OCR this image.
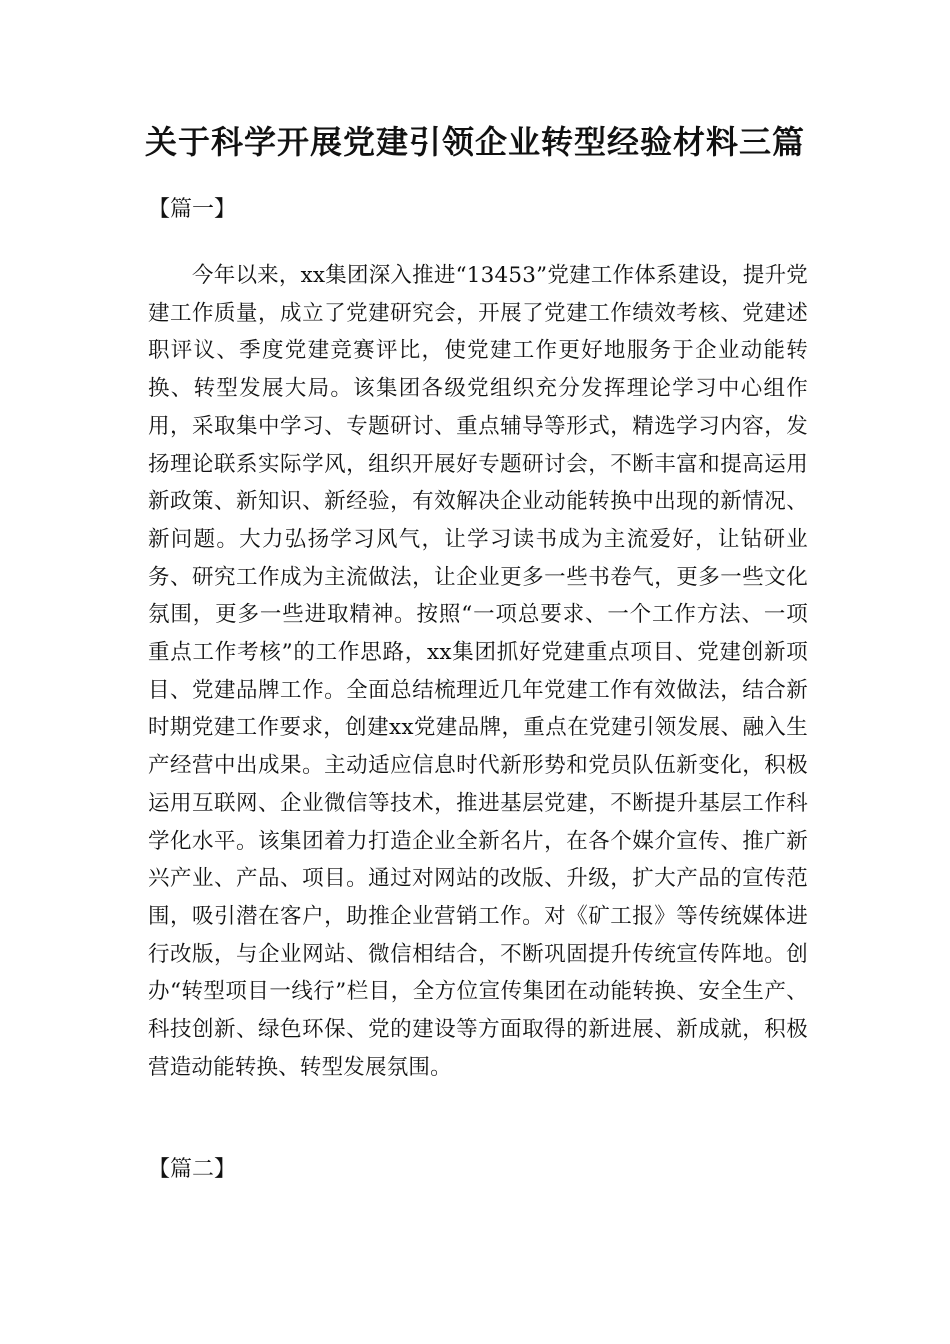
关于科学开展党建引领企业转型经验材料三篇
【篇一】

今年以来，xx集团深入推进“13453”党建工作体系建设，提升党建工作质量，成立了党建研究会，开展了党建工作绩效考核、党建述职评议、季度党建竞赛评比，使党建工作更好地服务于企业动能转换、转型发展大局。该集团各级党组织充分发挥理论学习中心组作用，采取集中学习、专题研讨、重点辅导等形式，精选学习内容，发扬理论联系实际学风，组织开展好专题研讨会，不断丰富和提高运用新政策、新知识、新经验，有效解决企业动能转换中出现的新情况、新问题。大力弘扬学习风气，让学习读书成为主流爱好，让钻研业务、研究工作成为主流做法，让企业更多一些书卷气，更多一些文化氛围，更多一些进取精神。按照“一项总要求、一个工作方法、一项重点工作考核”的工作思路，xx集团抓好党建重点项目、党建创新项目、党建品牌工作。全面总结梳理近几年党建工作有效做法，结合新时期党建工作要求，创建xx党建品牌，重点在党建引领发展、融入生产经营中出成果。主动适应信息时代新形势和党员队伍新变化，积极运用互联网、企业微信等技术，推进基层党建，不断提升基层工作科学化水平。该集团着力打造企业全新名片，在各个媒介宣传、推广新兴产业、产品、项目。通过对网站的改版、升级，扩大产品的宣传范围，吸引潜在客户，助推企业营销工作。对《矿工报》等传统媒体进行改版，与企业网站、微信相结合，不断巩固提升传统宣传阵地。创办“转型项目一线行”栏目，全方位宣传集团在动能转换、安全生产、科技创新、绿色环保、党的建设等方面取得的新进展、新成就，积极营造动能转换、转型发展氛围。

【篇二】
